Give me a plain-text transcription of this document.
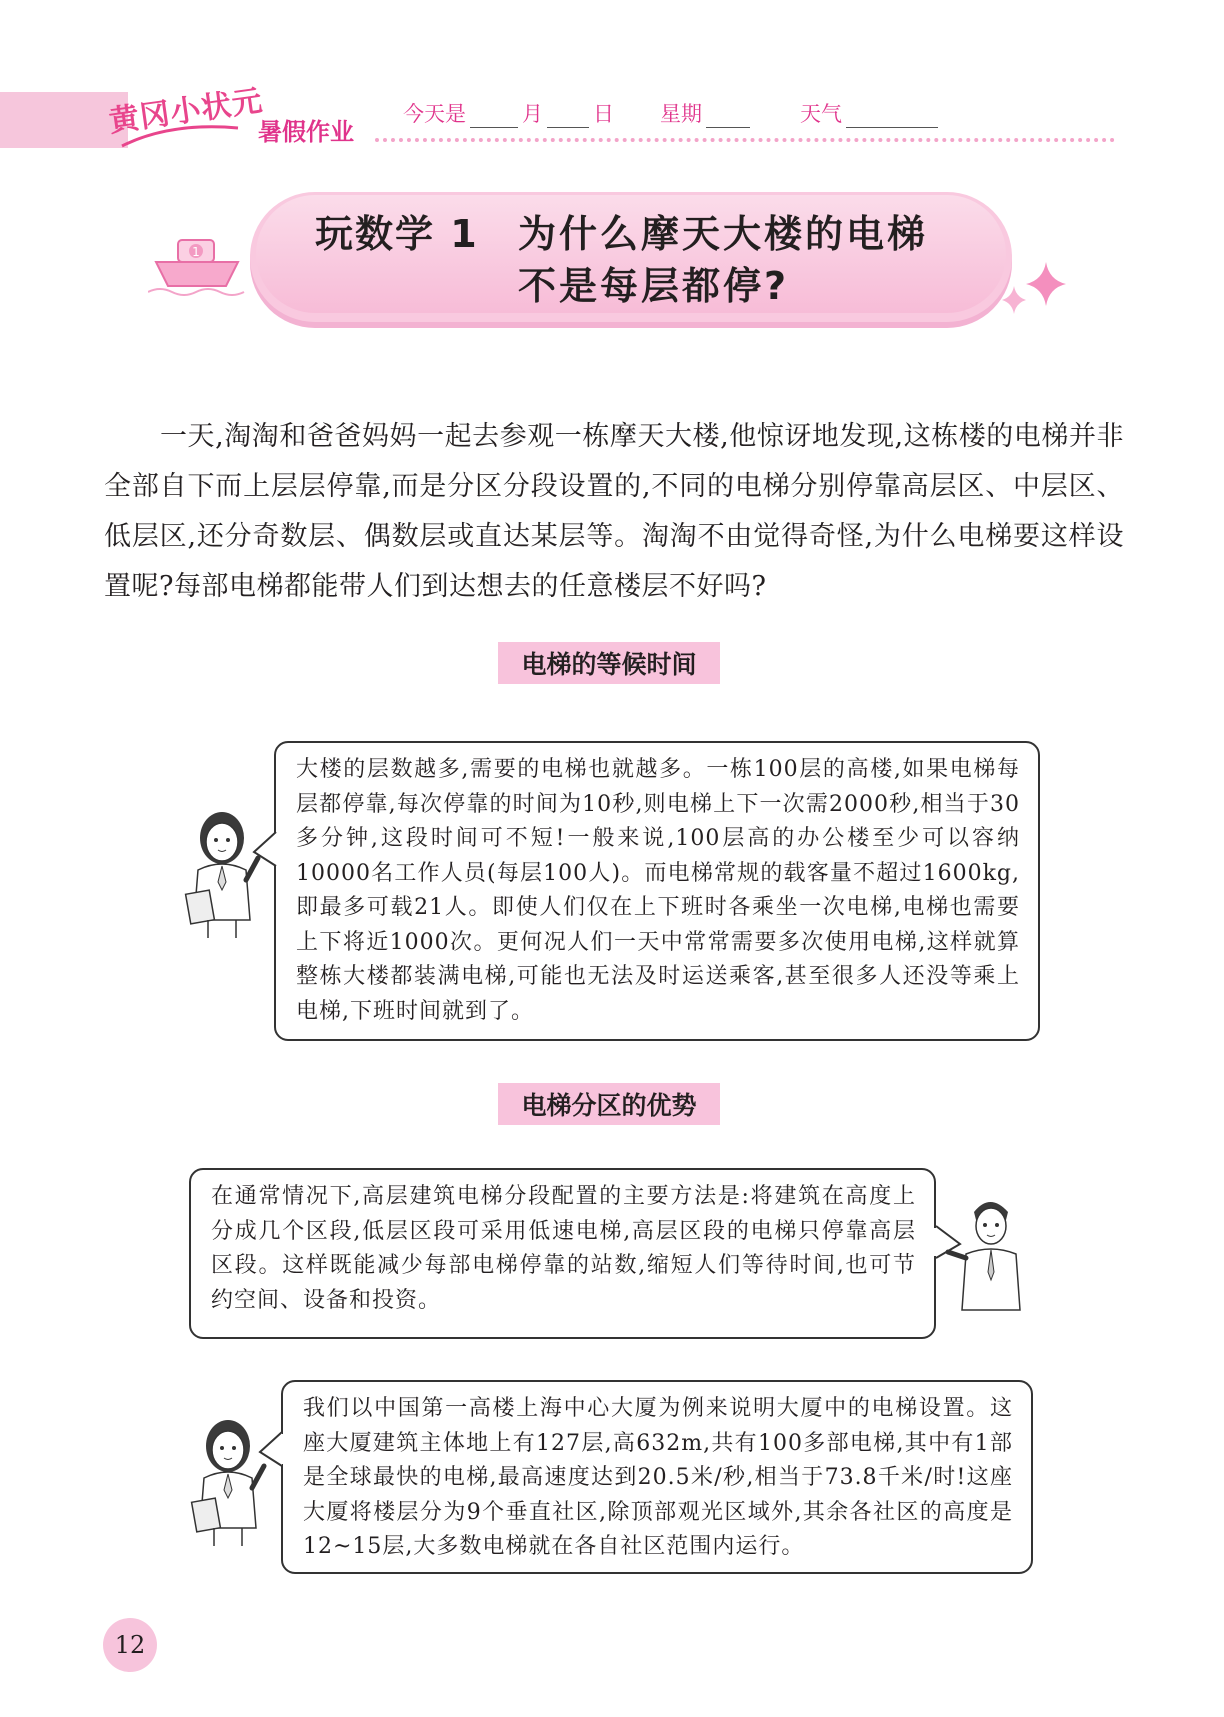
黄冈小状元
暑假作业
今天是	月 日 星期	天气
1	玩数学 1 为什么摩天大楼的电梯
不是每层都停?
一天,淘淘和爸爸妈妈一起去参观一栋摩天大楼,他惊讶地发现,这栋楼的电梯并非全部自下而上层层停靠,而是分区分段设置的,不同的电梯分别停靠高层区、中层区、低层区,还分奇数层、偶数层或直达某层等。淘淘不由觉得奇怪,为什么电梯要这样设置呢?每部电梯都能带人们到达想去的任意楼层不好吗?
电梯的等候时间
大楼的层数越多,需要的电梯也就越多。一栋100层的高楼,如果电梯每层都停靠,每次停靠的时间为10秒,则电梯上下一次需2000秒,相当于30多分钟,这段时间可不短!一般来说,100层高的办公楼至少可以容纳10000名工作人员(每层100人)。而电梯常规的载客量不超过1600kg,即最多可载21人。即使人们仅在上下班时各乘坐一次电梯,电梯也需要上下将近1000次。更何况人们一天中常常需要多次使用电梯,这样就算整栋大楼都装满电梯,可能也无法及时运送乘客,甚至很多人还没等乘上电梯,下班时间就到了。
电梯分区的优势
在通常情况下,高层建筑电梯分段配置的主要方法是:将建筑在高度上分成几个区段,低层区段可采用低速电梯,高层区段的电梯只停靠高层区段。这样既能减少每部电梯停靠的站数,缩短人们等待时间,也可节约空间、设备和投资。
我们以中国第一高楼上海中心大厦为例来说明大厦中的电梯设置。这座大厦建筑主体地上有127层,高632m,共有100多部电梯,其中有1部是全球最快的电梯,最高速度达到20.5米/秒,相当于73.8千米/时!这座大厦将楼层分为9个垂直社区,除顶部观光区域外,其余各社区的高度是12~15层,大多数电梯就在各自社区范围内运行。
12
